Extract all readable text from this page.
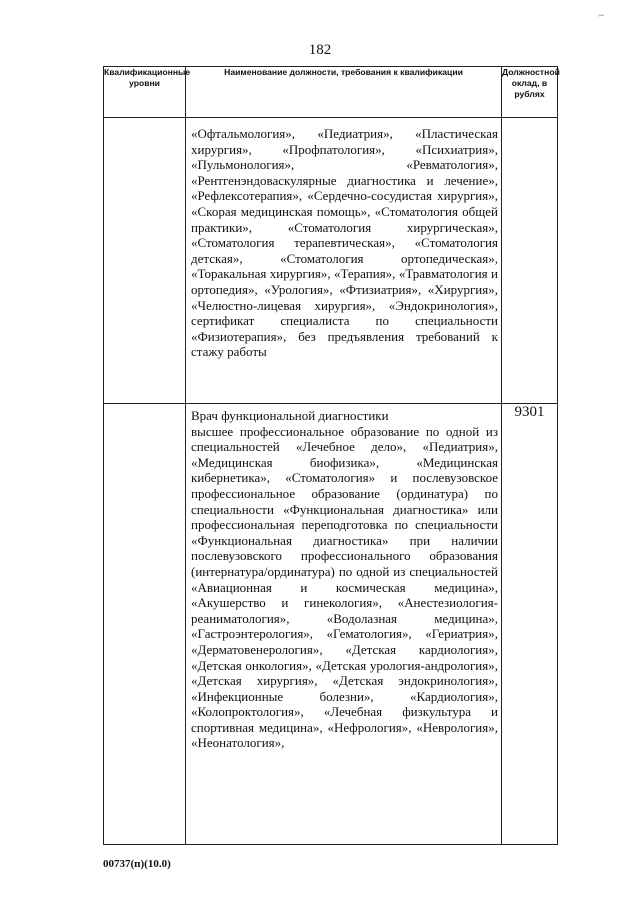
182
~
Квалификационные уровни	Наименование должности, требования к квалификации	Должностной оклад, в рублях

	«Офтальмология», «Педиатрия», «Пластическая хирургия», «Профпатология», «Психиатрия», «Пульмонология», «Ревматология», «Рентгенэндоваскулярные диагностика и лечение», «Рефлексотерапия», «Сердечно-сосудистая хирургия», «Скорая медицинская помощь», «Стоматология общей практики», «Стоматология хирургическая», «Стоматология терапевтическая», «Стоматология детская», «Стоматология ортопедическая», «Торакальная хирургия», «Терапия», «Травматология и ортопедия», «Урология», «Фтизиатрия», «Хирургия», «Челюстно-лицевая хирургия», «Эндокринология», сертификат специалиста по специальности «Физиотерапия», без предъявления требований к стажу работы	

	Врач функциональной диагностики
высшее профессиональное образование по одной из специальностей «Лечебное дело», «Педиатрия», «Медицинская биофизика», «Медицинская кибернетика», «Стоматология» и послевузовское профессиональное образование (ординатура) по специальности «Функциональная диагностика» или профессиональная переподготовка по специальности «Функциональная диагностика» при наличии послевузовского профессионального образования (интернатура/ординатура) по одной из специальностей «Авиационная и космическая медицина», «Акушерство и гинекология», «Анестезиология-реаниматология», «Водолазная медицина», «Гастроэнтерология», «Гематология», «Гериатрия», «Дерматовенерология», «Детская кардиология», «Детская онкология», «Детская урология-андрология», «Детская хирургия», «Детская эндокринология», «Инфекционные болезни», «Кардиология», «Колопроктология», «Лечебная физкультура и спортивная медицина», «Нефрология», «Неврология», «Неонатология»,	9301
00737(п)(10.0)
